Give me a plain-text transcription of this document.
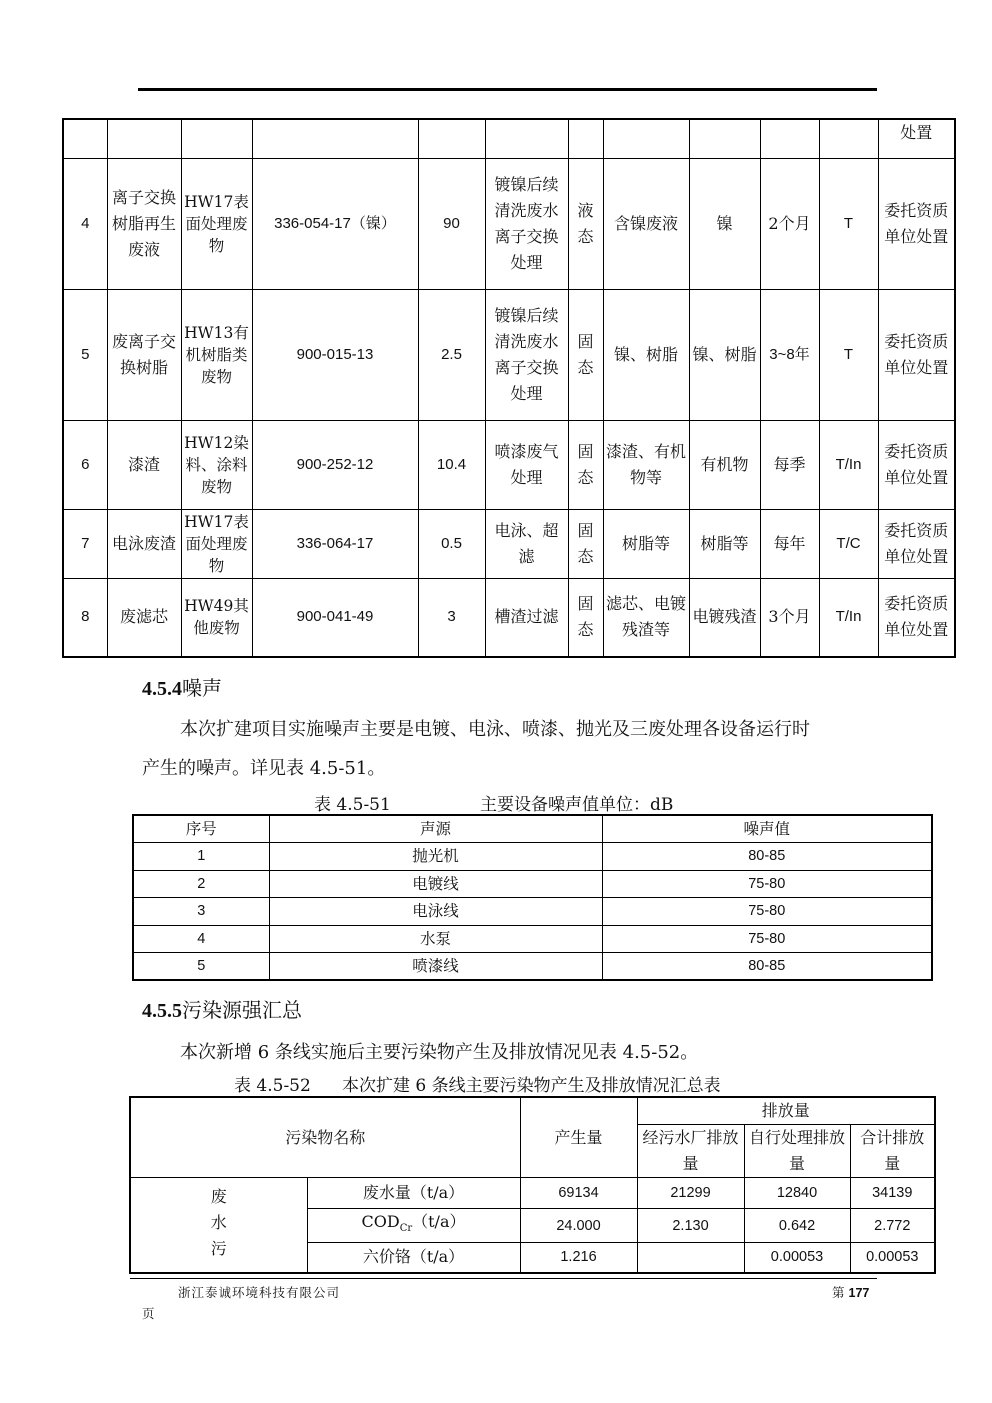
											处置
4	离子交换树脂再生废液	HW17表面处理废物	336-054-17（镍）	90	镀镍后续清洗废水离子交换处理	液态	含镍废液	镍	2个月	T	委托资质单位处置
5	废离子交换树脂	HW13有机树脂类废物	900-015-13	2.5	镀镍后续清洗废水离子交换处理	固态	镍、树脂	镍、树脂	3~8年	T	委托资质单位处置
6	漆渣	HW12染料、涂料废物	900-252-12	10.4	喷漆废气处理	固态	漆渣、有机物等	有机物	每季	T/In	委托资质单位处置
7	电泳废渣	HW17表面处理废物	336-064-17	0.5	电泳、超滤	固态	树脂等	树脂等	每年	T/C	委托资质单位处置
8	废滤芯	HW49其他废物	900-041-49	3	槽渣过滤	固态	滤芯、电镀残渣等	电镀残渣	3个月	T/In	委托资质单位处置
4.5.4噪声

本次扩建项目实施噪声主要是电镀、电泳、喷漆、抛光及三废处理各设备运行时
产生的噪声。详见表 4.5-51。

表 4.5-51	主要设备噪声值单位：dB
序号	声源	噪声值
1	抛光机	80-85
2	电镀线	75-80
3	电泳线	75-80
4	水泵	75-80
5	喷漆线	80-85
4.5.5污染源强汇总

本次新增 6 条线实施后主要污染物产生及排放情况见表 4.5-52。

表 4.5-52 本次扩建 6 条线主要污染物产生及排放情况汇总表
污染物名称		产生量	排放量		
			经污水厂排放量	自行处理排放量	合计排放量

废水污	废水量（t/a）	69134	21299	12840	34139
	$COD_{Cr}(t/a)$	24.000	2.130	0.642	2.772
	六价铬（t/a）	1.216		0.00053	0.00053
浙江泰诚环境科技有限公司	第 177
页
